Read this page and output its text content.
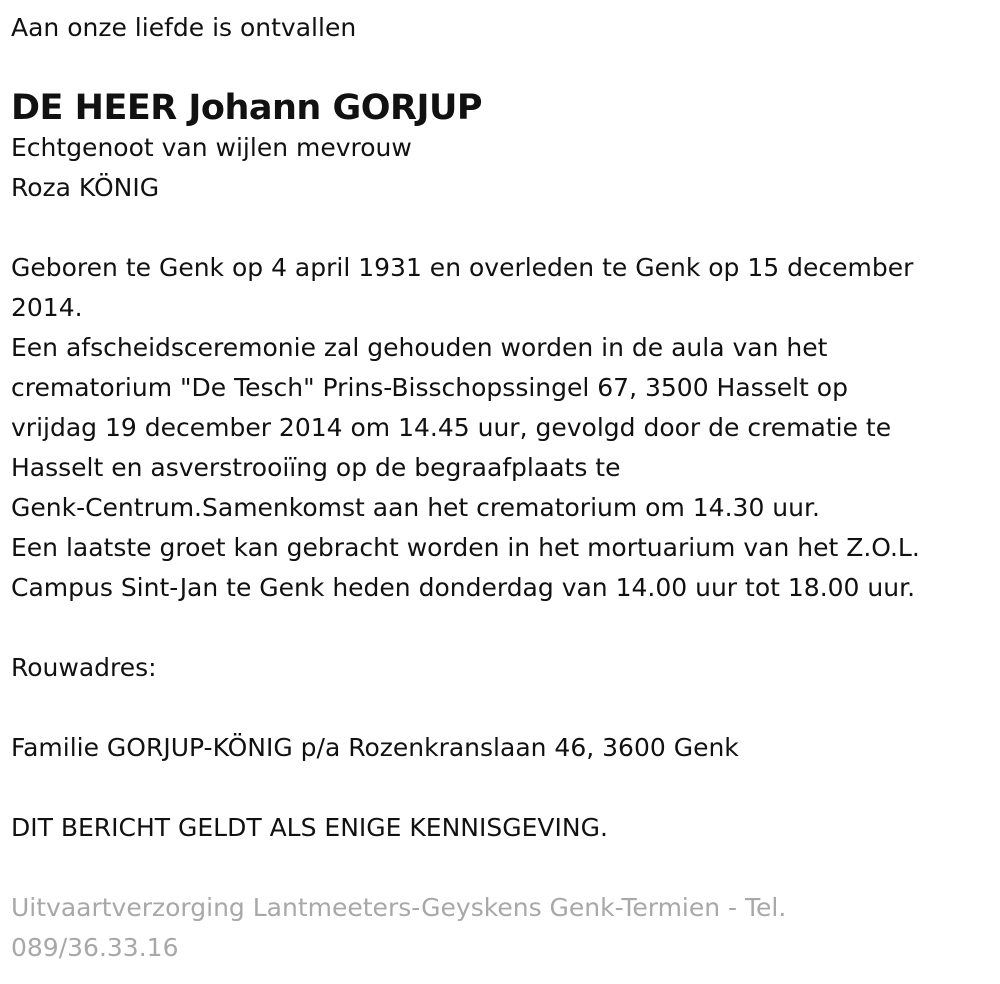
Aan onze liefde is ontvallen

DE HEER Johann GORJUP

Echtgenoot van wijlen mevrouw

Roza KÖNIG

Geboren te Genk op 4 april 1931 en overleden te Genk op 15 december

2014.

Een afscheidsceremonie zal gehouden worden in de aula van het

crematorium "De Tesch" Prins-Bisschopssingel 67, 3500 Hasselt op

vrijdag 19 december 2014 om 14.45 uur, gevolgd door de crematie te

Hasselt en asverstrooiïng op de begraafplaats te

Genk-Centrum.Samenkomst aan het crematorium om 14.30 uur.

Een laatste groet kan gebracht worden in het mortuarium van het Z.O.L.

Campus Sint-Jan te Genk heden donderdag van 14.00 uur tot 18.00 uur.

Rouwadres:

Familie GORJUP-KÖNIG p/a Rozenkranslaan 46, 3600 Genk

DIT BERICHT GELDT ALS ENIGE KENNISGEVING.

Uitvaartverzorging Lantmeeters-Geyskens Genk-Termien - Tel.

089/36.33.16
